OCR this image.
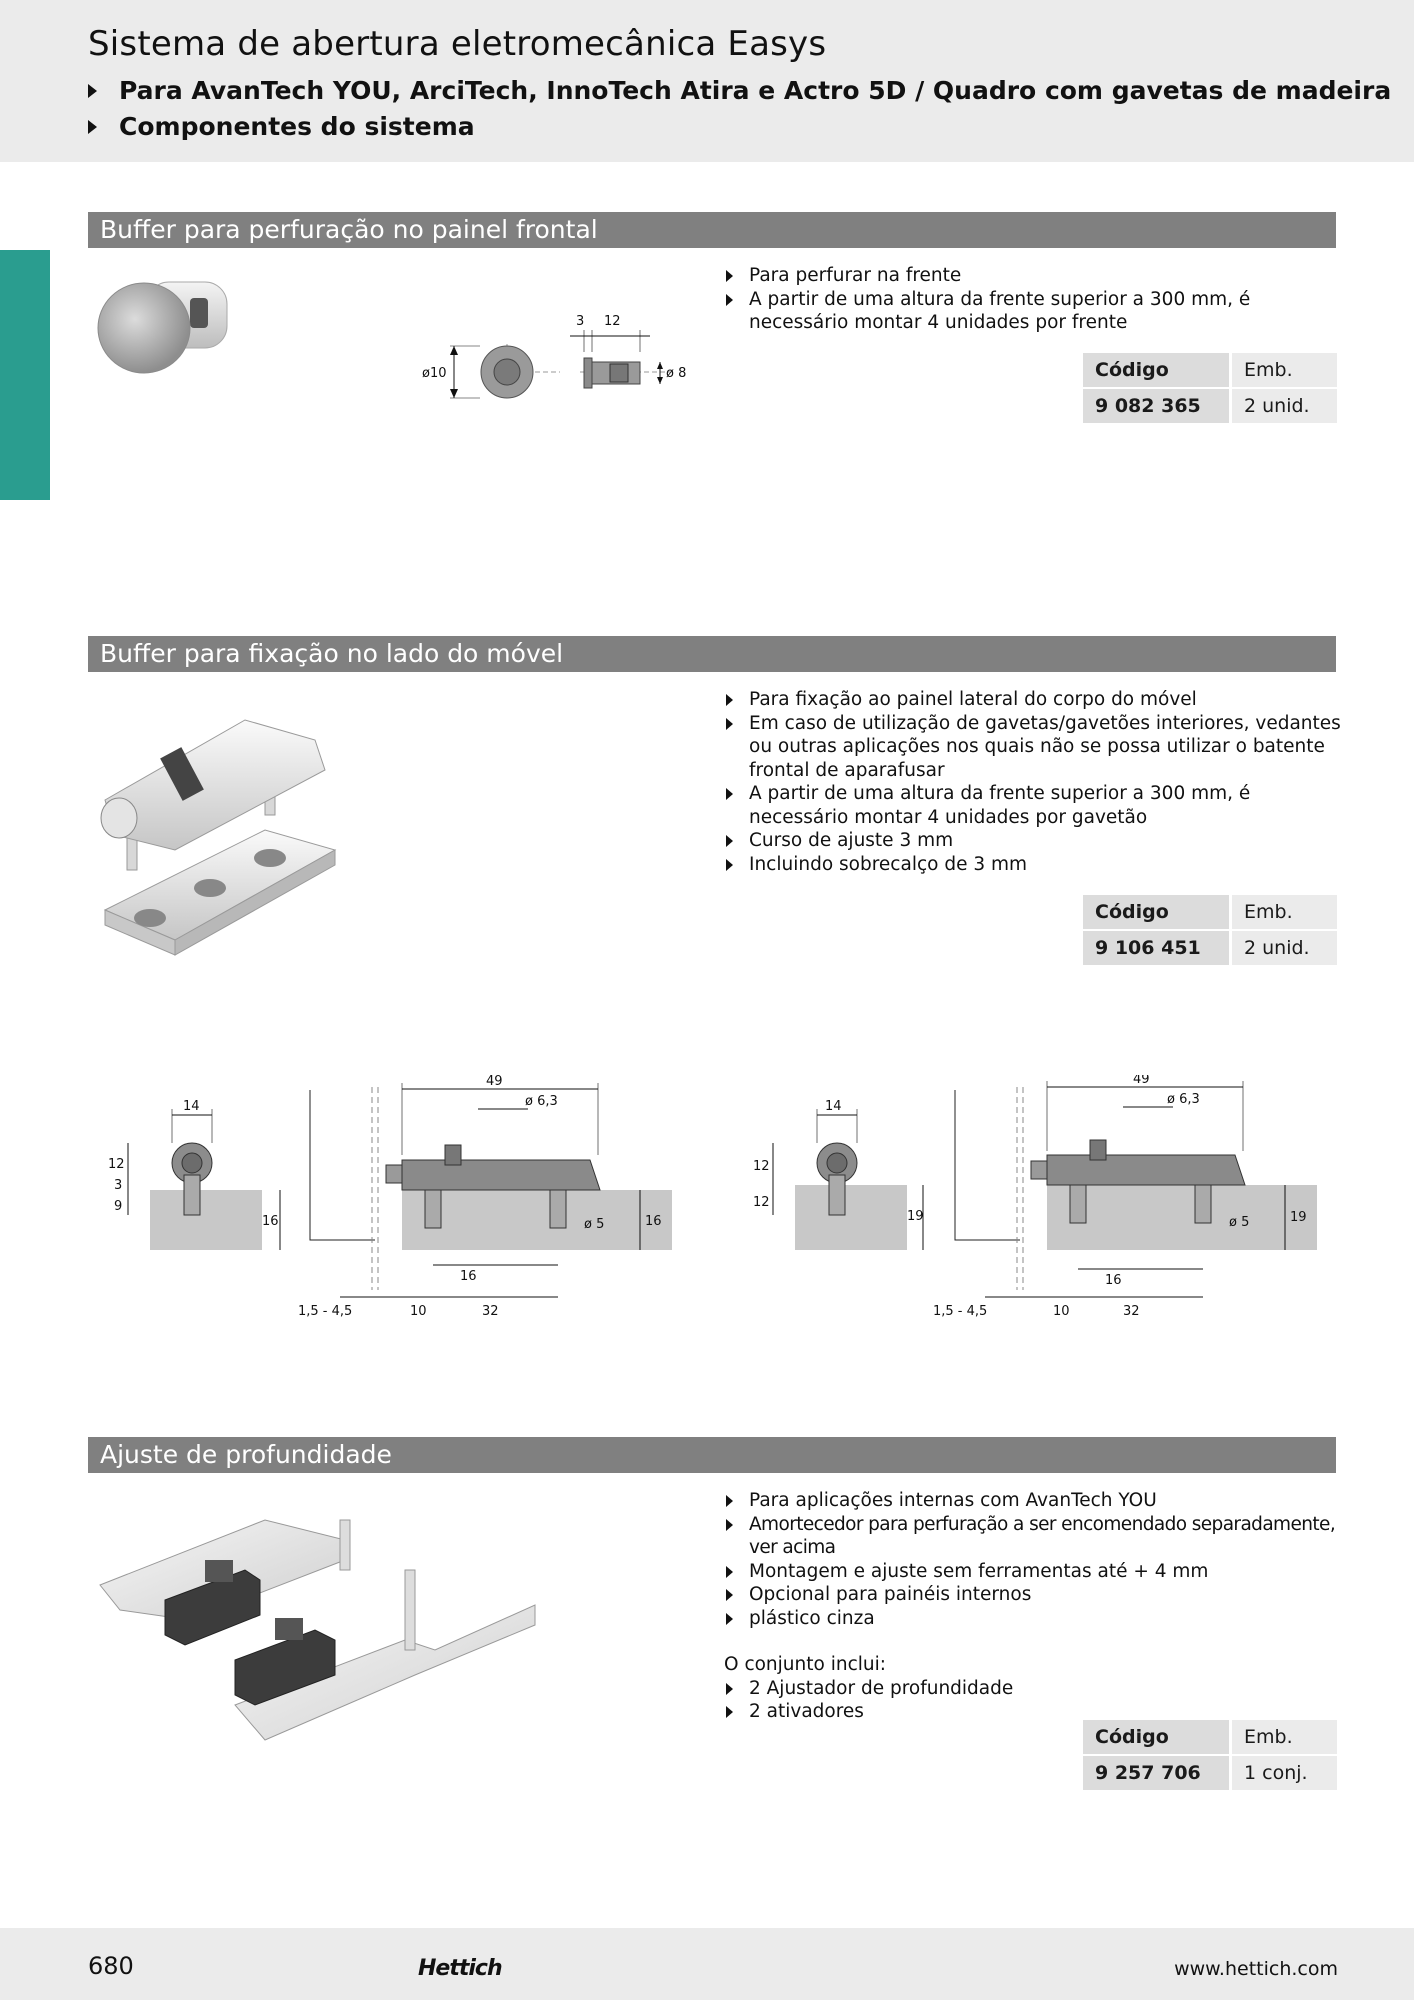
Sistema de abertura eletromecânica Easys
Para AvanTech YOU, ArciTech, InnoTech Atira e Actro 5D / Quadro com gavetas de madeira
Componentes do sistema
Buffer para perfuração no painel frontal
ø10
3 12
ø 8
Para perfurar na frente
A partir de uma altura da frente superior a 300 mm, é necessário montar 4 unidades por frente
Código	Emb.
9 082 365	2 unid.
Buffer para fixação no lado do móvel
Para fixação ao painel lateral do corpo do móvel
Em caso de utilização de gavetas/gavetões interiores, vedantes ou outras aplicações nos quais não se possa utilizar o batente frontal de aparafusar
A partir de uma altura da frente superior a 300 mm, é necessário montar 4 unidades por gavetão
Curso de ajuste 3 mm
Incluindo sobrecalço de 3 mm
Código	Emb.
9 106 451	2 unid.
14
12
3
9
16
49
ø 6,3
ø 5	16
16
1,5 - 4,5	10	32
14
12
12
19
49
ø 6,3
ø 5	19
16
1,5 - 4,5	10	32
Ajuste de profundidade
Para aplicações internas com AvanTech YOU
Amortecedor para perfuração a ser encomendado separadamente, ver acima
Montagem e ajuste sem ferramentas até + 4 mm
Opcional para painéis internos
plástico cinza
O conjunto inclui:
2 Ajustador de profundidade
2 ativadores
Código	Emb.
9 257 706	1 conj.
680	Hettich	www.hettich.com
